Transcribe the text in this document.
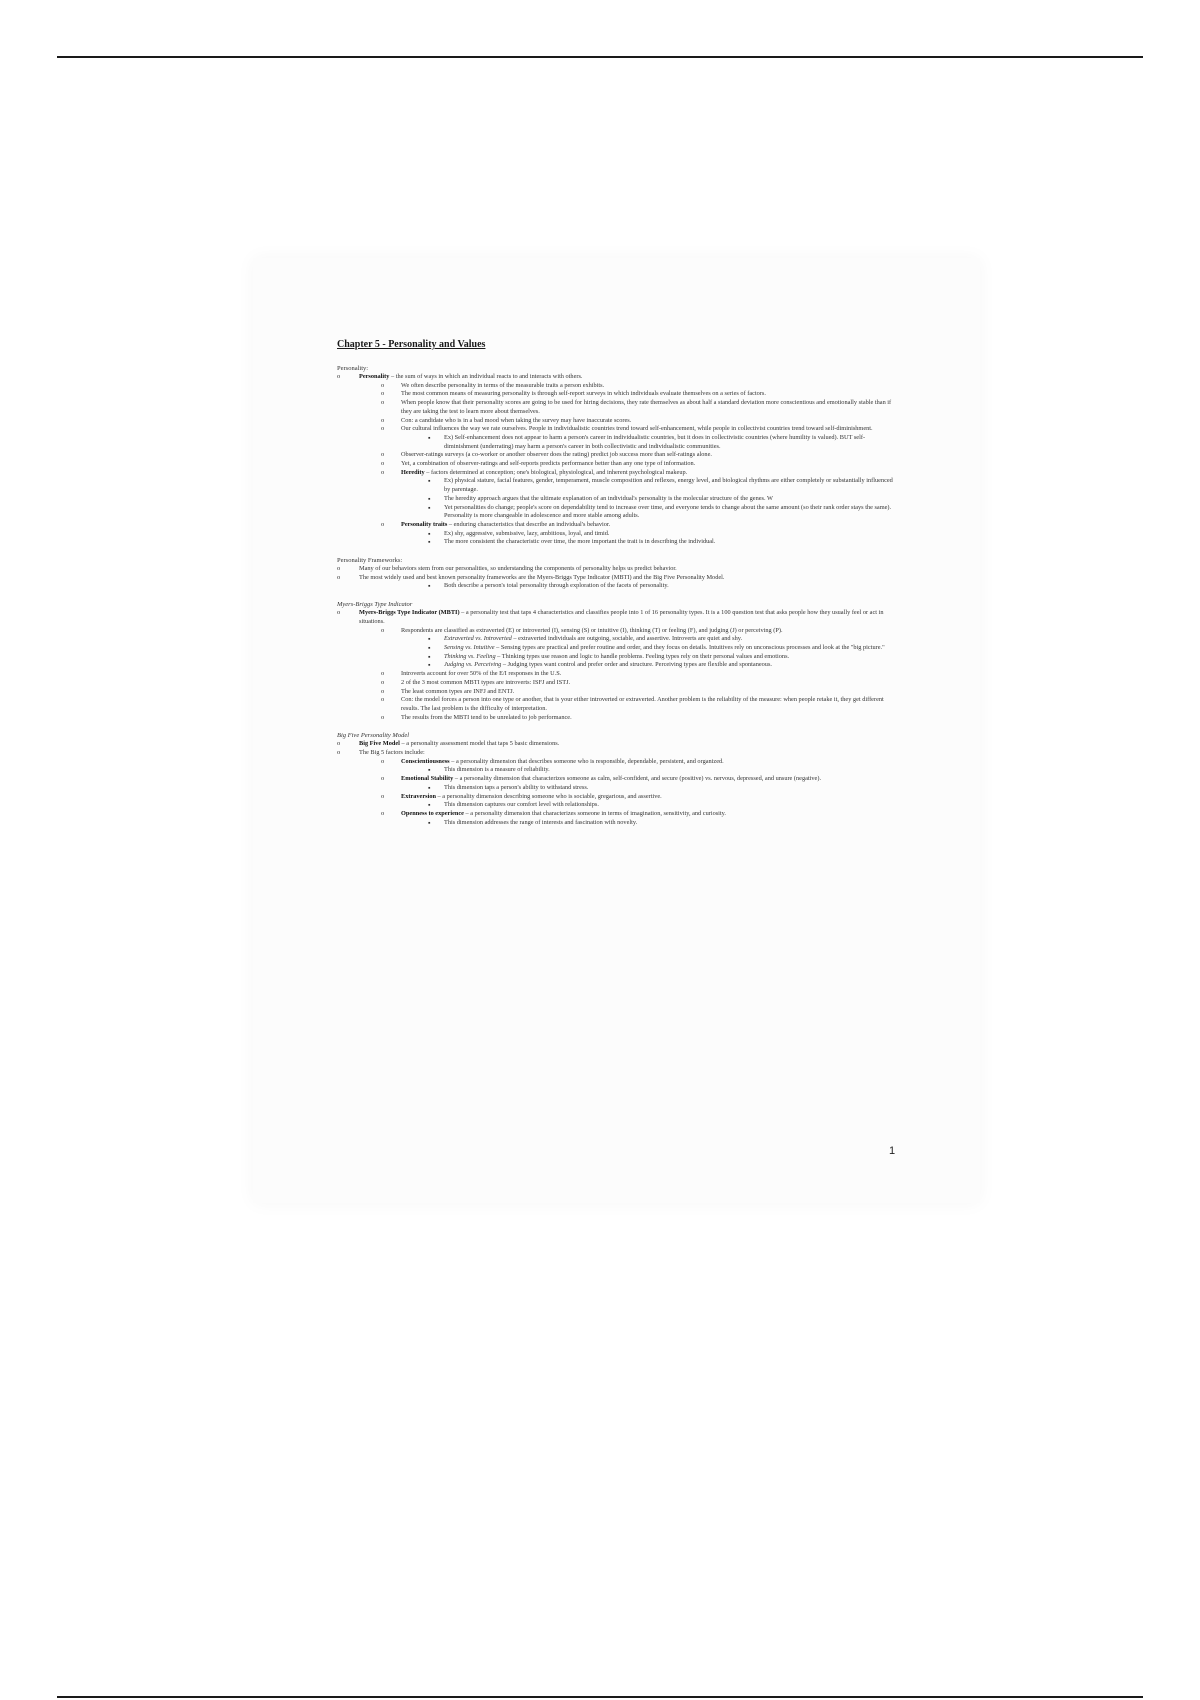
Chapter 5 - Personality and Values
Personality:
o	Personality – the sum of ways in which an individual reacts to and interacts with others.
o	We often describe personality in terms of the measurable traits a person exhibits.
o	The most common means of measuring personality is through self-report surveys in which individuals evaluate themselves on a series of factors.
o	When people know that their personality scores are going to be used for hiring decisions, they rate themselves as about half a standard deviation more conscientious and emotionally stable than if they are taking the test to learn more about themselves.
o	Con: a candidate who is in a bad mood when taking the survey may have inaccurate scores.
o	Our cultural influences the way we rate ourselves. People in individualistic countries trend toward self-enhancement, while people in collectivist countries trend toward self-diminishment.
▪ Ex) Self-enhancement does not appear to harm a person's career in individualistic countries, but it does in collectivistic countries (where humility is valued). BUT self-diminishment (underrating) may harm a person's career in both collectivistic and individualistic communities.
o	Observer-ratings surveys (a co-worker or another observer does the rating) predict job success more than self-ratings alone.
o	Yet, a combination of observer-ratings and self-reports predicts performance better than any one type of information.
o	Heredity – factors determined at conception; one's biological, physiological, and inherent psychological makeup.
▪ Ex) physical stature, facial features, gender, temperament, muscle composition and reflexes, energy level, and biological rhythms are either completely or substantially influenced by parentage.
▪ The heredity approach argues that the ultimate explanation of an individual's personality is the molecular structure of the genes. W
▪ Yet personalities do change; people's score on dependability tend to increase over time, and everyone tends to change about the same amount (so their rank order stays the same). Personality is more changeable in adolescence and more stable among adults.
o	Personality traits – enduring characteristics that describe an individual's behavior.
▪ Ex) shy, aggressive, submissive, lazy, ambitious, loyal, and timid.
▪ The more consistent the characteristic over time, the more important the trait is in describing the individual.
Personality Frameworks:
o	Many of our behaviors stem from our personalities, so understanding the components of personality helps us predict behavior.
o	The most widely used and best known personality frameworks are the Myers-Briggs Type Indicator (MBTI) and the Big Five Personality Model.
▪ Both describe a person's total personality through exploration of the facets of personality.
Myers-Briggs Type Indicator
o	Myers-Briggs Type Indicator (MBTI) – a personality test that taps 4 characteristics and classifies people into 1 of 16 personality types. It is a 100 question test that asks people how they usually feel or act in situations.
o	Respondents are classified as extraverted (E) or introverted (I), sensing (S) or intuitive (I), thinking (T) or feeling (F), and judging (J) or perceiving (P).
▪ Extraverted vs. Introverted – extraverted individuals are outgoing, sociable, and assertive. Introverts are quiet and shy.
▪ Sensing vs. Intuitive – Sensing types are practical and prefer routine and order, and they focus on details. Intuitives rely on unconscious processes and look at the "big picture."
▪ Thinking vs. Feeling – Thinking types use reason and logic to handle problems. Feeling types rely on their personal values and emotions.
▪ Judging vs. Perceiving – Judging types want control and prefer order and structure. Perceiving types are flexible and spontaneous.
o	Introverts account for over 50% of the E/I responses in the U.S.
o	2 of the 3 most common MBTI types are introverts: ISFJ and ISTJ.
o	The least common types are INFJ and ENTJ.
o	Con: the model forces a person into one type or another, that is your either introverted or extraverted. Another problem is the reliability of the measure: when people retake it, they get different results. The last problem is the difficulty of interpretation.
o	The results from the MBTI tend to be unrelated to job performance.
Big Five Personality Model
o	Big Five Model – a personality assessment model that taps 5 basic dimensions.
o	The Big 5 factors include:
o	Conscientiousness – a personality dimension that describes someone who is responsible, dependable, persistent, and organized.
▪ This dimension is a measure of reliability.
o	Emotional Stability – a personality dimension that characterizes someone as calm, self-confident, and secure (positive) vs. nervous, depressed, and unsure (negative).
▪ This dimension taps a person's ability to withstand stress.
o	Extraversion – a personality dimension describing someone who is sociable, gregarious, and assertive.
▪ This dimension captures our comfort level with relationships.
o	Openness to experience – a personality dimension that characterizes someone in terms of imagination, sensitivity, and curiosity.
▪ This dimension addresses the range of interests and fascination with novelty.
1
